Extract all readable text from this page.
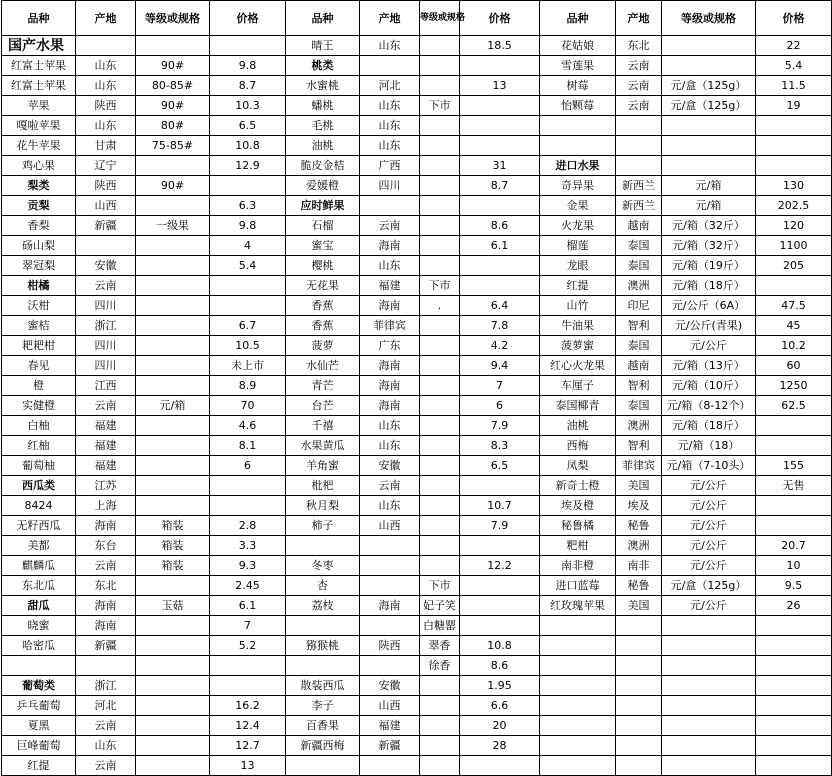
品种	产地	等级或规格	价格	品种	产地	等级或规格	价格	品种	产地	等级或规格	价格
国产水果				晴王	山东		18.5	花姑娘	东北		22
红富士苹果	山东	90#	9.8	桃类				雪莲果	云南		5.4
红富士苹果	山东	80-85#	8.7	水蜜桃	河北		13	树莓	云南	元/盒（125g）	11.5
苹果	陕西	90#	10.3	蟠桃	山东	下市		怡颗莓	云南	元/盒（125g）	19
嘎啦苹果	山东	80#	6.5	毛桃	山东						
花牛苹果	甘肃	75-85#	10.8	油桃	山东						
鸡心果	辽宁		12.9	脆皮金桔	广西		31	进口水果			
梨类	陕西	90#		爱媛橙	四川		8.7	奇异果	新西兰	元/箱	130
贡梨	山西		6.3	应时鲜果				金果	新西兰	元/箱	202.5
香梨	新疆	一级果	9.8	石榴	云南		8.6	火龙果	越南	元/箱（32斤）	120
砀山梨			4	蜜宝	海南		6.1	榴莲	泰国	元/箱（32斤）	1100
翠冠梨	安徽		5.4	樱桃	山东			龙眼	泰国	元/箱（19斤）	205
柑橘	云南			无花果	福建	下市		红提	澳洲	元/箱（18斤）	
沃柑	四川			香蕉	海南	.	6.4	山竹	印尼	元/公斤（6A）	47.5
蜜桔	浙江		6.7	香蕉	菲律宾		7.8	牛油果	智利	元/公斤(青果)	45
耙耙柑	四川		10.5	菠萝	广东		4.2	菠萝蜜	泰国	元/公斤	10.2
春见	四川		未上市	水仙芒	海南		9.4	红心火龙果	越南	元/箱（13斤）	60
橙	江西		8.9	青芒	海南		7	车厘子	智利	元/箱（10斤）	1250
实健橙	云南	元/箱	70	台芒	海南		6	泰国椰青	泰国	元/箱（8-12个）	62.5
白柚	福建		4.6	千禧	山东		7.9	油桃	澳洲	元/箱（18斤）	
红柚	福建		8.1	水果黄瓜	山东		8.3	西梅	智利	元/箱（18）	
葡萄柚	福建		6	羊角蜜	安徽		6.5	凤梨	菲律宾	元/箱（7-10头）	155
西瓜类	江苏			枇杷	云南			新奇士橙	美国	元/公斤	无售
8424	上海			秋月梨	山东		10.7	埃及橙	埃及	元/公斤	
无籽西瓜	海南	箱装	2.8	柿子	山西		7.9	秘鲁橘	秘鲁	元/公斤	
美都	东台	箱装	3.3					粑柑	澳洲	元/公斤	20.7
麒麟瓜	云南	箱装	9.3	冬枣			12.2	南非橙	南非	元/公斤	10
东北瓜	东北		2.45	杏		下市		进口蓝莓	秘鲁	元/盒（125g）	9.5
甜瓜	海南	玉菇	6.1	荔枝	海南	妃子笑		红玫瑰苹果	美国	元/公斤	26
晓蜜	海南		7			白糖罂					
哈密瓜	新疆		5.2	猕猴桃	陕西	翠香	10.8				
						徐香	8.6				
葡萄类	浙江			散装西瓜	安徽		1.95				
乒乓葡萄	河北		16.2	李子	山西		6.6				
夏黑	云南		12.4	百香果	福建		20				
巨峰葡萄	山东		12.7	新疆西梅	新疆		28				
红提	云南		13								
